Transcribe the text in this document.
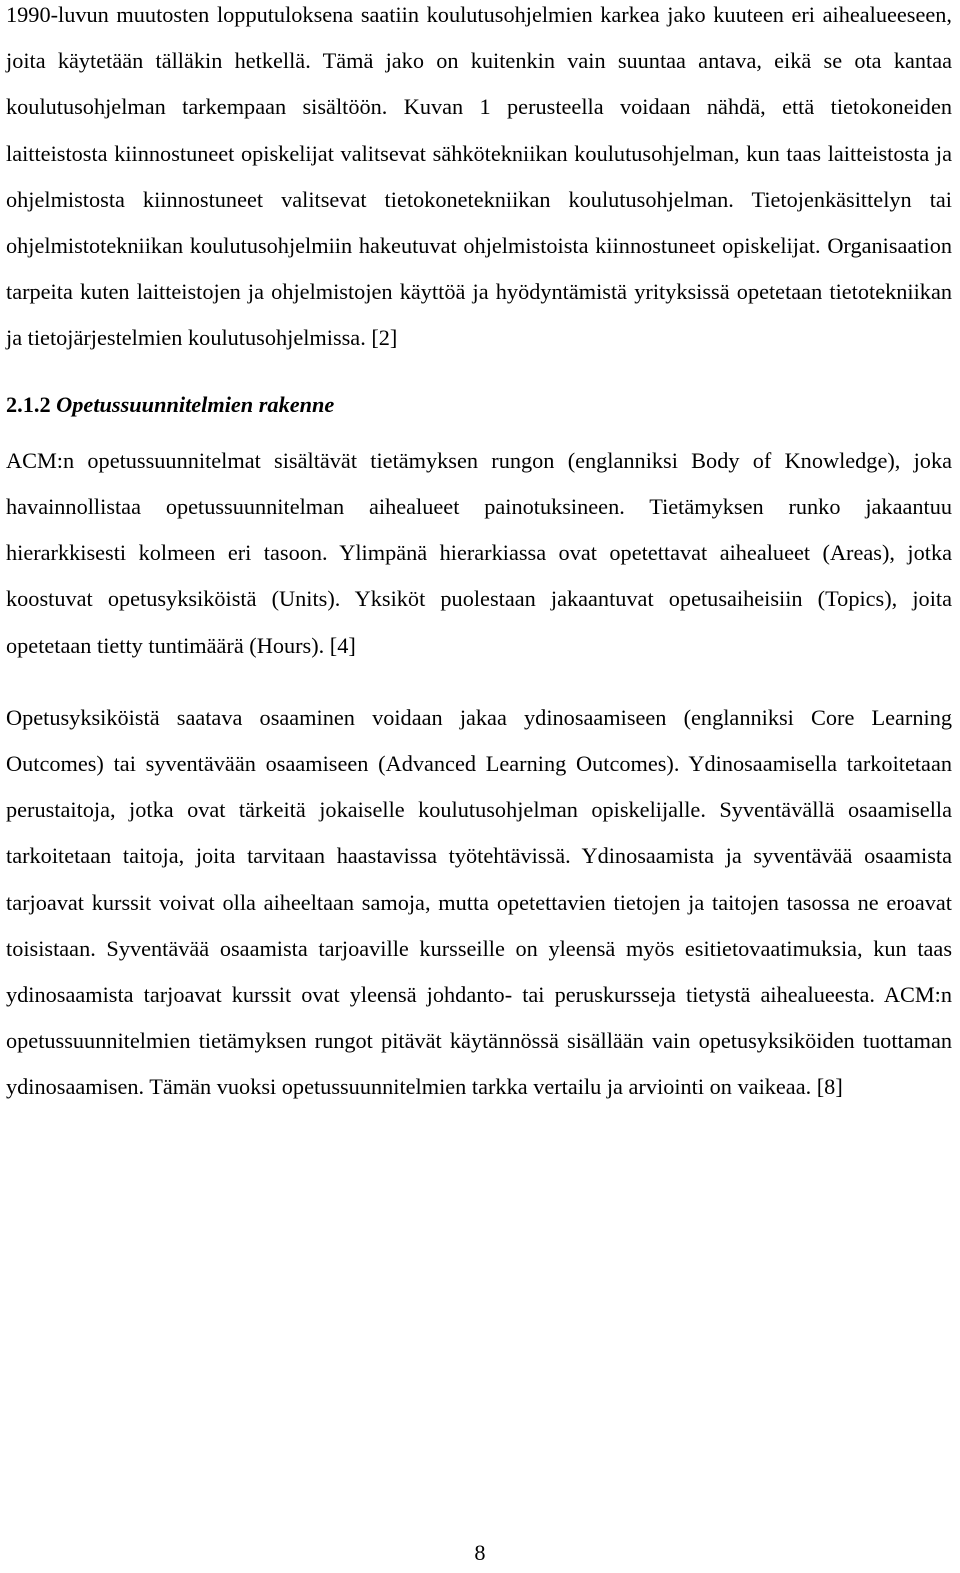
1990-luvun muutosten lopputuloksena saatiin koulutusohjelmien karkea jako kuuteen eri aihealueeseen, joita käytetään tälläkin hetkellä. Tämä jako on kuitenkin vain suuntaa antava, eikä se ota kantaa koulutusohjelman tarkempaan sisältöön. Kuvan 1 perusteella voidaan nähdä, että tietokoneiden laitteistosta kiinnostuneet opiskelijat valitsevat sähkötekniikan koulutusohjelman, kun taas laitteistosta ja ohjelmistosta kiinnostuneet valitsevat tietokonetekniikan koulutusohjelman. Tietojenkäsittelyn tai ohjelmistotekniikan koulutusohjelmiin hakeutuvat ohjelmistoista kiinnostuneet opiskelijat. Organisaation tarpeita kuten laitteistojen ja ohjelmistojen käyttöä ja hyödyntämistä yrityksissä opetetaan tietotekniikan ja tietojärjestelmien koulutusohjelmissa. [2]

2.1.2 Opetussuunnitelmien rakenne

ACM:n opetussuunnitelmat sisältävät tietämyksen rungon (englanniksi Body of Knowledge), joka havainnollistaa opetussuunnitelman aihealueet painotuksineen. Tietämyksen runko jakaantuu hierarkkisesti kolmeen eri tasoon. Ylimpänä hierarkiassa ovat opetettavat aihealueet (Areas), jotka koostuvat opetusyksiköistä (Units). Yksiköt puolestaan jakaantuvat opetusaiheisiin (Topics), joita opetetaan tietty tuntimäärä (Hours). [4]

Opetusyksiköistä saatava osaaminen voidaan jakaa ydinosaamiseen (englanniksi Core Learning Outcomes) tai syventävään osaamiseen (Advanced Learning Outcomes). Ydinosaamisella tarkoitetaan perustaitoja, jotka ovat tärkeitä jokaiselle koulutusohjelman opiskelijalle. Syventävällä osaamisella tarkoitetaan taitoja, joita tarvitaan haastavissa työtehtävissä. Ydinosaamista ja syventävää osaamista tarjoavat kurssit voivat olla aiheeltaan samoja, mutta opetettavien tietojen ja taitojen tasossa ne eroavat toisistaan. Syventävää osaamista tarjoaville kursseille on yleensä myös esitietovaatimuksia, kun taas ydinosaamista tarjoavat kurssit ovat yleensä johdanto- tai peruskursseja tietystä aihealueesta. ACM:n opetussuunnitelmien tietämyksen rungot pitävät käytännössä sisällään vain opetusyksiköiden tuottaman ydinosaamisen. Tämän vuoksi opetussuunnitelmien tarkka vertailu ja arviointi on vaikeaa. [8]

8
